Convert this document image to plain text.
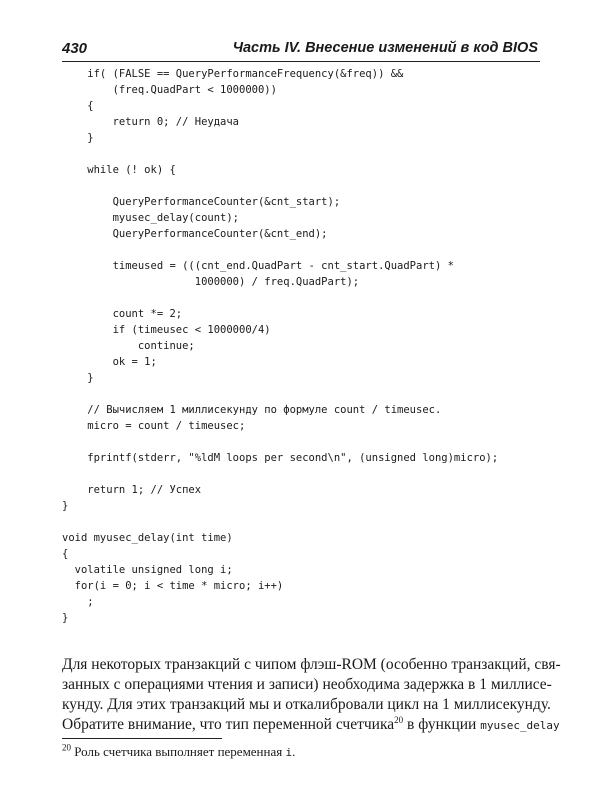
430	Часть IV. Внесение изменений в код BIOS
if( (FALSE == QueryPerformanceFrequency(&freq)) &&
(freq.QuadPart < 1000000))
{
return 0; // Неудача
}
while (! ok) {
QueryPerformanceCounter(&cnt_start);
myusec_delay(count);
QueryPerformanceCounter(&cnt_end);
timeused = (((cnt_end.QuadPart - cnt_start.QuadPart) *
1000000) / freq.QuadPart);
count *= 2;
if (timeusec < 1000000/4)
continue;
ok = 1;
}
// Вычисляем 1 миллисекунду по формуле count / timeusec.
micro = count / timeusec;
fprintf(stderr, "%ldM loops per second\n", (unsigned long)micro);
return 1; // Успех
}
void myusec_delay(int time)
{
volatile unsigned long i;
for(i = 0; i < time * micro; i++)
;
}
Для некоторых транзакций с чипом флэш-ROM (особенно транзакций, свя-
занных с операциями чтения и записи) необходима задержка в 1 миллисе-
кунду. Для этих транзакций мы и откалибровали цикл на 1 миллисекунду.
Обратите внимание, что тип переменной счетчика$^{20}$ в функции myusec_delay
$^{20}$ Роль счетчика выполняет переменная i.
